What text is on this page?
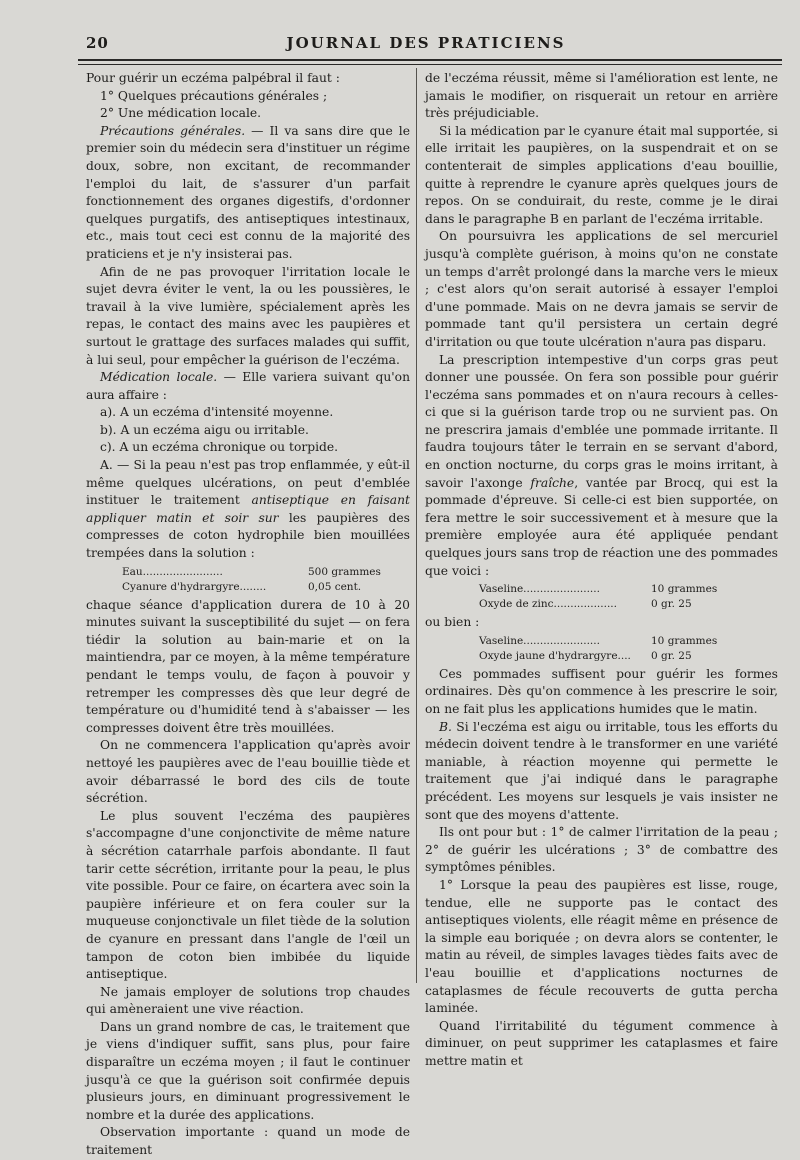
20	JOURNAL DES PRATICIENS

Pour guérir un eczéma palpébral il faut :

1° Quelques précautions générales ;

2° Une médication locale.

Précautions générales. — Il va sans dire que le premier soin du médecin sera d'instituer un régime doux, sobre, non excitant, de recommander l'emploi du lait, de s'assurer d'un parfait fonctionnement des organes digestifs, d'ordonner quelques purgatifs, des antiseptiques intestinaux, etc., mais tout ceci est connu de la majorité des praticiens et je n'y insisterai pas.

Afin de ne pas provoquer l'irritation locale le sujet devra éviter le vent, la ou les poussières, le travail à la vive lumière, spécialement après les repas, le contact des mains avec les paupières et surtout le grattage des surfaces malades qui suffit, à lui seul, pour empêcher la guérison de l'eczéma.

Médication locale. — Elle variera suivant qu'on aura affaire :

a). A un eczéma d'intensité moyenne.

b). A un eczéma aigu ou irritable.

c). A un eczéma chronique ou torpide.

A. — Si la peau n'est pas trop enflammée, y eût-il même quelques ulcérations, on peut d'emblée instituer le traitement antiseptique en faisant appliquer matin et soir sur les paupières des compresses de coton hydrophile bien mouillées trempées dans la solution :

Eau........................	500 grammes
Cyanure d'hydrargyre........	0,05 cent.

chaque séance d'application durera de 10 à 20 minutes suivant la susceptibilité du sujet — on fera tiédir la solution au bain-marie et on la maintiendra, par ce moyen, à la même température pendant le temps voulu, de façon à pouvoir y retremper les compresses dès que leur degré de température ou d'humidité tend à s'abaisser — les compresses doivent être très mouillées.

On ne commencera l'application qu'après avoir nettoyé les paupières avec de l'eau bouillie tiède et avoir débarrassé le bord des cils de toute sécrétion.

Le plus souvent l'eczéma des paupières s'accompagne d'une conjonctivite de même nature à sécrétion catarrhale parfois abondante. Il faut tarir cette sécrétion, irritante pour la peau, le plus vite possible. Pour ce faire, on écartera avec soin la paupière inférieure et on fera couler sur la muqueuse conjonctivale un filet tiède de la solution de cyanure en pressant dans l'angle de l'œil un tampon de coton bien imbibée du liquide antiseptique.

Ne jamais employer de solutions trop chaudes qui amèneraient une vive réaction.

Dans un grand nombre de cas, le traitement que je viens d'indiquer suffit, sans plus, pour faire disparaître un eczéma moyen ; il faut le continuer jusqu'à ce que la guérison soit confirmée depuis plusieurs jours, en diminuant progressivement le nombre et la durée des applications.

Observation importante : quand un mode de traitement

de l'eczéma réussit, même si l'amélioration est lente, ne jamais le modifier, on risquerait un retour en arrière très préjudiciable.

Si la médication par le cyanure était mal supportée, si elle irritait les paupières, on la suspendrait et on se contenterait de simples applications d'eau bouillie, quitte à reprendre le cyanure après quelques jours de repos. On se conduirait, du reste, comme je le dirai dans le paragraphe B en parlant de l'eczéma irritable.

On poursuivra les applications de sel mercuriel jusqu'à complète guérison, à moins qu'on ne constate un temps d'arrêt prolongé dans la marche vers le mieux ; c'est alors qu'on serait autorisé à essayer l'emploi d'une pommade. Mais on ne devra jamais se servir de pommade tant qu'il persistera un certain degré d'irritation ou que toute ulcération n'aura pas disparu.

La prescription intempestive d'un corps gras peut donner une poussée. On fera son possible pour guérir l'eczéma sans pommades et on n'aura recours à celles-ci que si la guérison tarde trop ou ne survient pas. On ne prescrira jamais d'emblée une pommade irritante. Il faudra toujours tâter le terrain en se servant d'abord, en onction nocturne, du corps gras le moins irritant, à savoir l'axonge fraîche, vantée par Brocq, qui est la pommade d'épreuve. Si celle-ci est bien supportée, on fera mettre le soir successivement et à mesure que la première employée aura été appliquée pendant quelques jours sans trop de réaction une des pommades que voici :

Vaseline.......................	10 grammes
Oxyde de zinc...................	0 gr. 25

ou bien :

Vaseline.......................	10 grammes
Oxyde jaune d'hydrargyre....	0 gr. 25

Ces pommades suffisent pour guérir les formes ordinaires. Dès qu'on commence à les prescrire le soir, on ne fait plus les applications humides que le matin.

B. Si l'eczéma est aigu ou irritable, tous les efforts du médecin doivent tendre à le transformer en une variété maniable, à réaction moyenne qui permette le traitement que j'ai indiqué dans le paragraphe précédent. Les moyens sur lesquels je vais insister ne sont que des moyens d'attente.

Ils ont pour but : 1° de calmer l'irritation de la peau ; 2° de guérir les ulcérations ; 3° de combattre des symptômes pénibles.

1° Lorsque la peau des paupières est lisse, rouge, tendue, elle ne supporte pas le contact des antiseptiques violents, elle réagit même en présence de la simple eau boriquée ; on devra alors se contenter, le matin au réveil, de simples lavages tièdes faits avec de l'eau bouillie et d'applications nocturnes de cataplasmes de fécule recouverts de gutta percha laminée.

Quand l'irritabilité du tégument commence à diminuer, on peut supprimer les cataplasmes et faire mettre matin et
